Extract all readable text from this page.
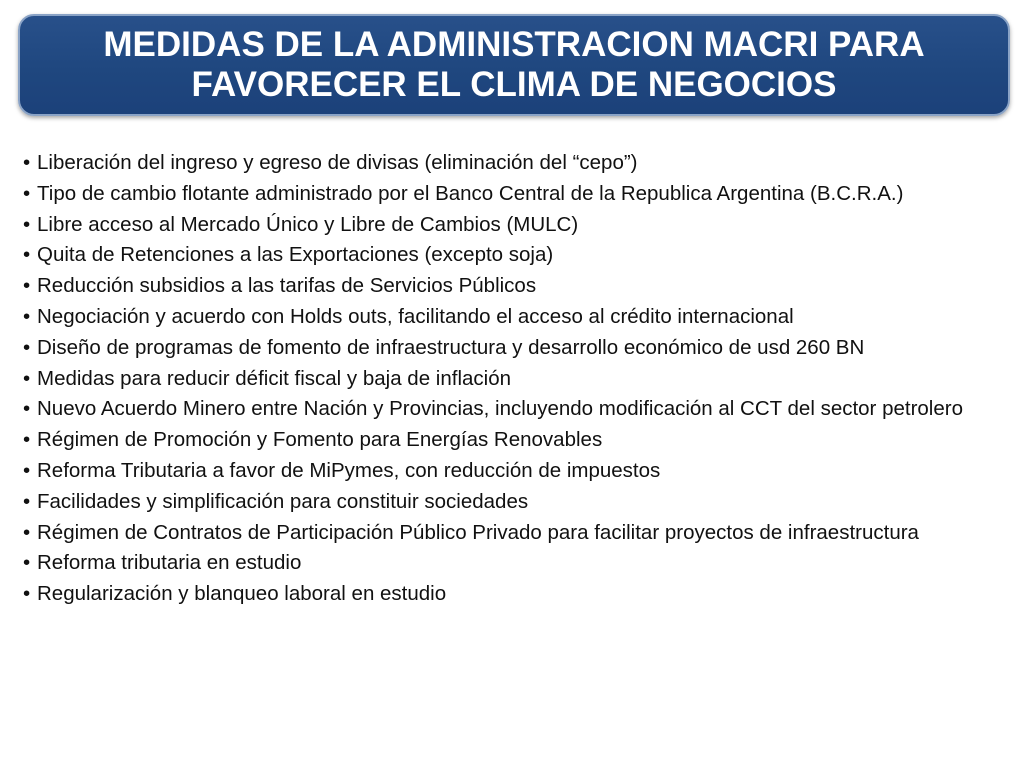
MEDIDAS DE LA ADMINISTRACION MACRI PARA
FAVORECER EL CLIMA DE NEGOCIOS
• Liberación del ingreso y egreso de divisas (eliminación del “cepo”)
• Tipo de cambio flotante administrado por el Banco Central de la Republica Argentina (B.C.R.A.)
• Libre acceso al Mercado Único y Libre de Cambios (MULC)
• Quita de Retenciones a las Exportaciones (excepto soja)
• Reducción subsidios a las tarifas de Servicios Públicos
• Negociación y acuerdo con Holds outs, facilitando el acceso al crédito internacional
• Diseño de programas de fomento de infraestructura y desarrollo económico de usd 260 BN
• Medidas para reducir déficit fiscal y baja de inflación
• Nuevo Acuerdo Minero entre Nación y Provincias, incluyendo modificación al CCT del sector petrolero
• Régimen de Promoción y Fomento para Energías Renovables
• Reforma Tributaria a favor de MiPymes, con reducción de impuestos
• Facilidades y simplificación para constituir sociedades
• Régimen de Contratos de Participación Público Privado para facilitar proyectos de infraestructura
• Reforma tributaria en estudio
• Regularización y blanqueo laboral en estudio
